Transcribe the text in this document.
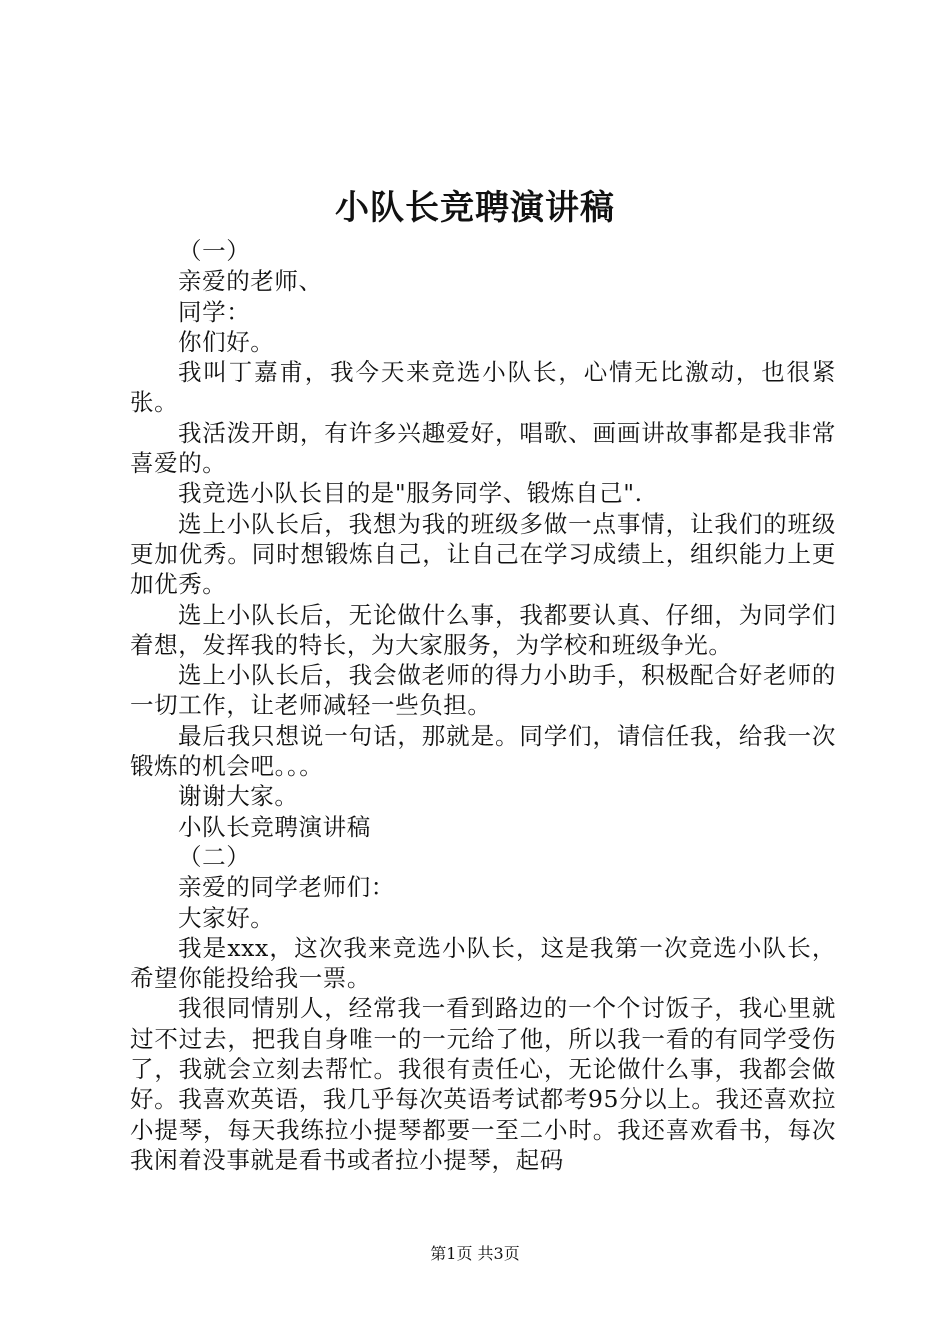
小队长竞聘演讲稿

（一）

亲爱的老师、

同学：

你们好。

我叫丁嘉甫，我今天来竞选小队长，心情无比激动，也很紧张。

我活泼开朗，有许多兴趣爱好，唱歌、画画讲故事都是我非常喜爱的。

我竞选小队长目的是"服务同学、锻炼自己".

选上小队长后，我想为我的班级多做一点事情，让我们的班级更加优秀。同时想锻炼自己，让自己在学习成绩上，组织能力上更加优秀。

选上小队长后，无论做什么事，我都要认真、仔细，为同学们着想，发挥我的特长，为大家服务，为学校和班级争光。

选上小队长后，我会做老师的得力小助手，积极配合好老师的一切工作，让老师减轻一些负担。

最后我只想说一句话，那就是。同学们，请信任我，给我一次锻炼的机会吧。。。

谢谢大家。

小队长竞聘演讲稿

（二）

亲爱的同学老师们：

大家好。

我是xxx，这次我来竞选小队长，这是我第一次竞选小队长，希望你能投给我一票。

我很同情别人，经常我一看到路边的一个个讨饭子，我心里就过不过去，把我自身唯一的一元给了他，所以我一看的有同学受伤了，我就会立刻去帮忙。我很有责任心，无论做什么事，我都会做好。我喜欢英语，我几乎每次英语考试都考95分以上。我还喜欢拉小提琴，每天我练拉小提琴都要一至二小时。我还喜欢看书，每次我闲着没事就是看书或者拉小提琴，起码

第1页 共3页
